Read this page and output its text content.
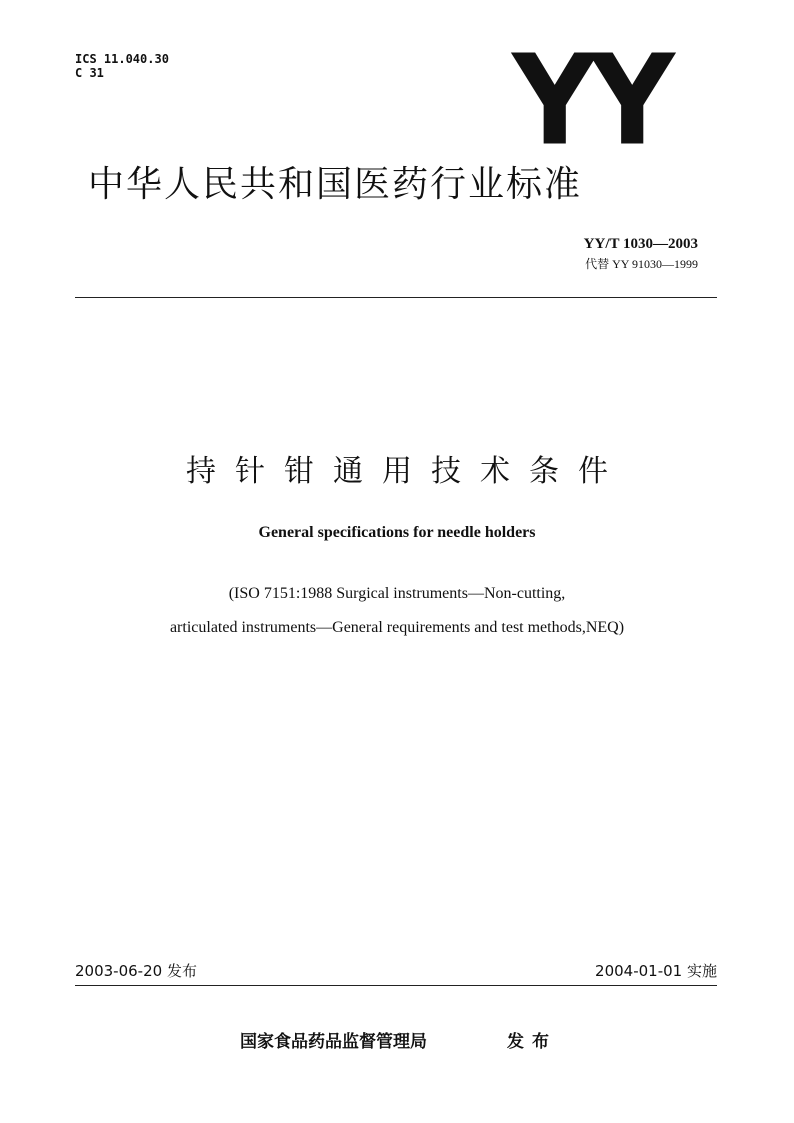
ICS 11.040.30
C 31	YY
中华人民共和国医药行业标准
YY/T 1030—2003
代替 YY 91030—1999
持针钳通用技术条件
General specifications for needle holders
(ISO 7151:1988 Surgical instruments—Non-cutting,
articulated instruments—General requirements and test methods,NEQ)
2003-06-20 发布	2004-01-01 实施
国家食品药品监督管理局	发布
